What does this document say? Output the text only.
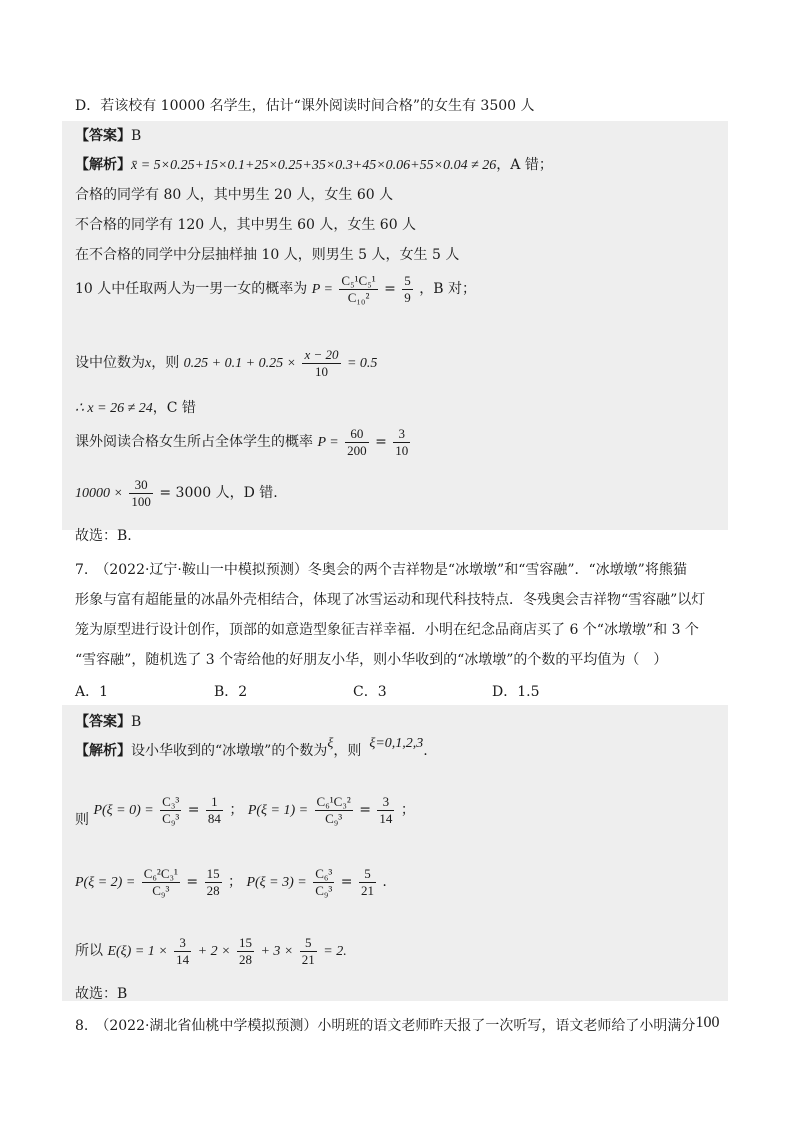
D．若该校有 10000 名学生，估计“课外阅读时间合格”的女生有 3500 人
【答案】B
【解析】x̄ = 5×0.25+15×0.1+25×0.25+35×0.3+45×0.06+55×0.04 ≠ 26，A 错；
合格的同学有 80 人，其中男生 20 人，女生 60 人
不合格的同学有 120 人，其中男生 60 人，女生 60 人
在不合格的同学中分层抽样抽 10 人，则男生 5 人，女生 5 人
10 人中任取两人为一男一女的概率为 $P = \frac{\text{C₅¹C₅¹}}{\text{C₁₀²}} = \frac{5}{9}$ ，B 对；
设中位数为x，则 $0.25 + 0.1 + 0.25 \times \frac{x - 20}{10} = 0.5$
∴ x = 26 ≠ 24，C 错
课外阅读合格女生所占全体学生的概率 $P = \frac{60}{200} = \frac{3}{10}$
$10000 \times \frac{30}{100} = 3000$ 人，D 错.
故选：B.
7.　（2022·辽宁·鞍山一中模拟预测）冬奥会的两个吉祥物是“冰墩墩”和“雪容融”．“冰墩墩”将熊猫
形象与富有超能量的冰晶外壳相结合，体现了冰雪运动和现代科技特点．冬残奥会吉祥物“雪容融”以灯
笼为原型进行设计创作，顶部的如意造型象征吉祥幸福．小明在纪念品商店买了 6 个“冰墩墩”和 3 个
“雪容融”，随机选了 3 个寄给他的好朋友小华，则小华收到的“冰墩墩”的个数的平均值为（　）
A．1	B．2	C．3	D．1.5
【答案】B
【解析】设小华收到的“冰墩墩”的个数为ξ，则 ξ=0,1,2,3.
则 $P(\xi = 0) = \frac{\text{C₃³}}{\text{C₉³}} = \frac{1}{84}$ ； $P(\xi = 1) = \frac{\text{C₆¹C₃²}}{\text{C₉³}} = \frac{3}{14}$ ；
$P(\xi = 2) = \frac{\text{C₆²C₃¹}}{\text{C₉³}} = \frac{15}{28}$ ； $P(\xi = 3) = \frac{\text{C₆³}}{\text{C₉³}} = \frac{5}{21}$ .
所以 $E(\xi) = 1 \times \frac{3}{14} + 2 \times \frac{15}{28} + 3 \times \frac{5}{21} = 2$.
故选：B
8.　（2022·湖北省仙桃中学模拟预测）小明班的语文老师昨天报了一次听写，语文老师给了小明满分100
